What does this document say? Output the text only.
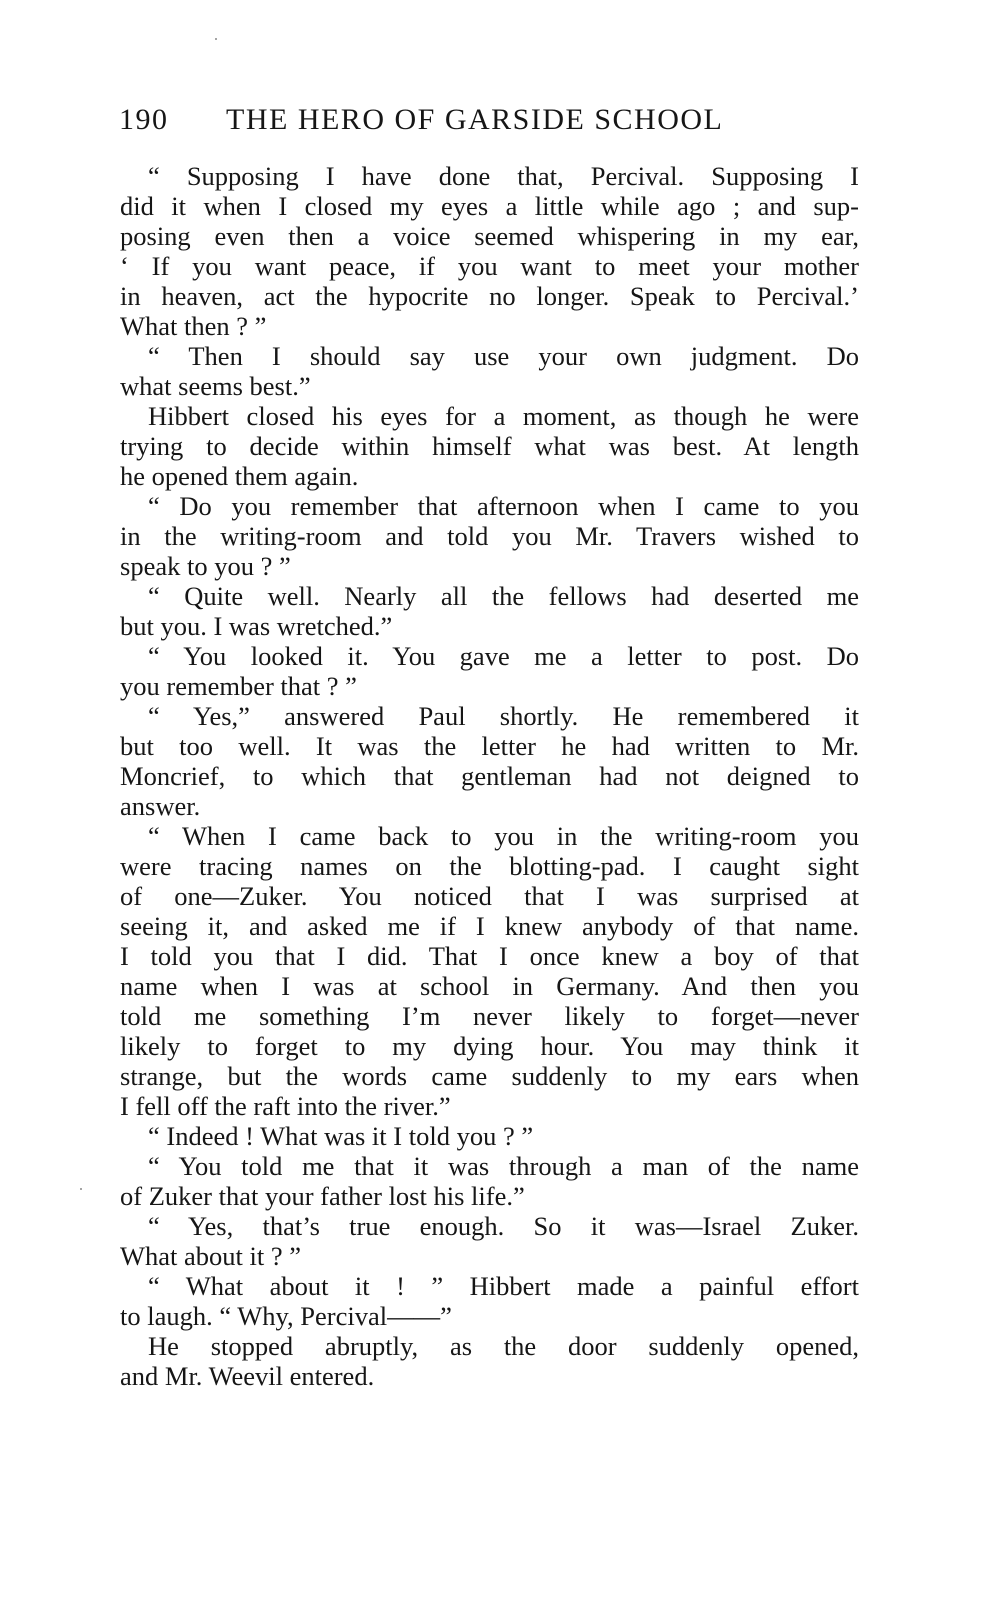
190 THE HERO OF GARSIDE SCHOOL
“ Supposing I have done that, Percival. Supposing I
did it when I closed my eyes a little while ago ; and sup-
posing even then a voice seemed whispering in my ear,
‘ If you want peace, if you want to meet your mother
in heaven, act the hypocrite no longer. Speak to Percival.’
What then ? ”
“ Then I should say use your own judgment. Do
what seems best.”
Hibbert closed his eyes for a moment, as though he were
trying to decide within himself what was best. At length
he opened them again.
“ Do you remember that afternoon when I came to you
in the writing-room and told you Mr. Travers wished to
speak to you ? ”
“ Quite well. Nearly all the fellows had deserted me
but you. I was wretched.”
“ You looked it. You gave me a letter to post. Do
you remember that ? ”
“ Yes,” answered Paul shortly. He remembered it
but too well. It was the letter he had written to Mr.
Moncrief, to which that gentleman had not deigned to
answer.
“ When I came back to you in the writing-room you
were tracing names on the blotting-pad. I caught sight
of one—Zuker. You noticed that I was surprised at
seeing it, and asked me if I knew anybody of that name.
I told you that I did. That I once knew a boy of that
name when I was at school in Germany. And then you
told me something I’m never likely to forget—never
likely to forget to my dying hour. You may think it
strange, but the words came suddenly to my ears when
I fell off the raft into the river.”
“ Indeed ! What was it I told you ? ”
“ You told me that it was through a man of the name
of Zuker that your father lost his life.”
“ Yes, that’s true enough. So it was—Israel Zuker.
What about it ? ”
“ What about it ! ” Hibbert made a painful effort
to laugh. “ Why, Percival——”
He stopped abruptly, as the door suddenly opened,
and Mr. Weevil entered.
